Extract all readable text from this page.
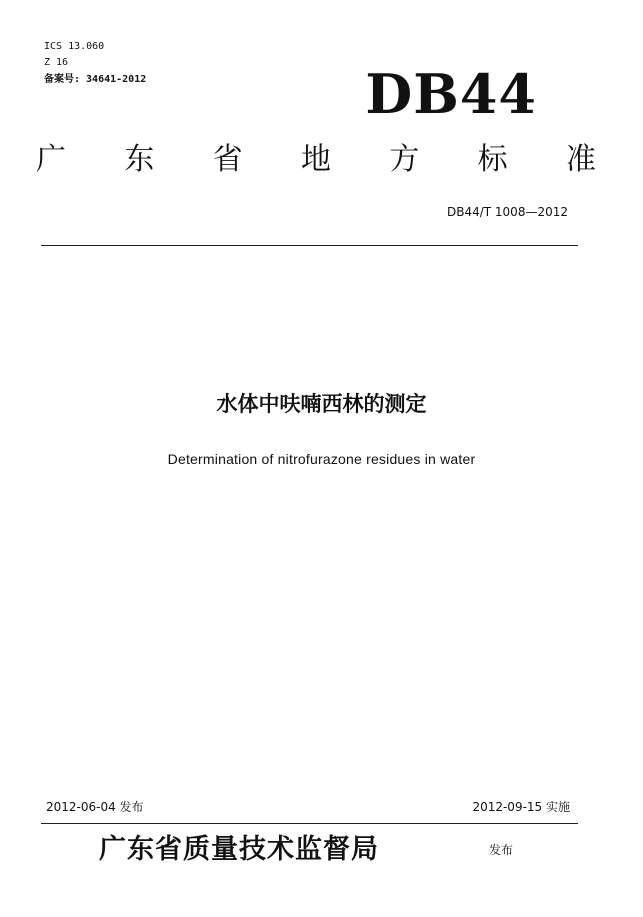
ICS 13.060
Z 16
备案号: 34641-2012	DB44
广 东 省 地 方 标 准
DB44/T 1008—2012
水体中呋喃西林的测定
Determination of nitrofurazone residues in water
2012-06-04 发布	2012-09-15 实施
广东省质量技术监督局	发布
